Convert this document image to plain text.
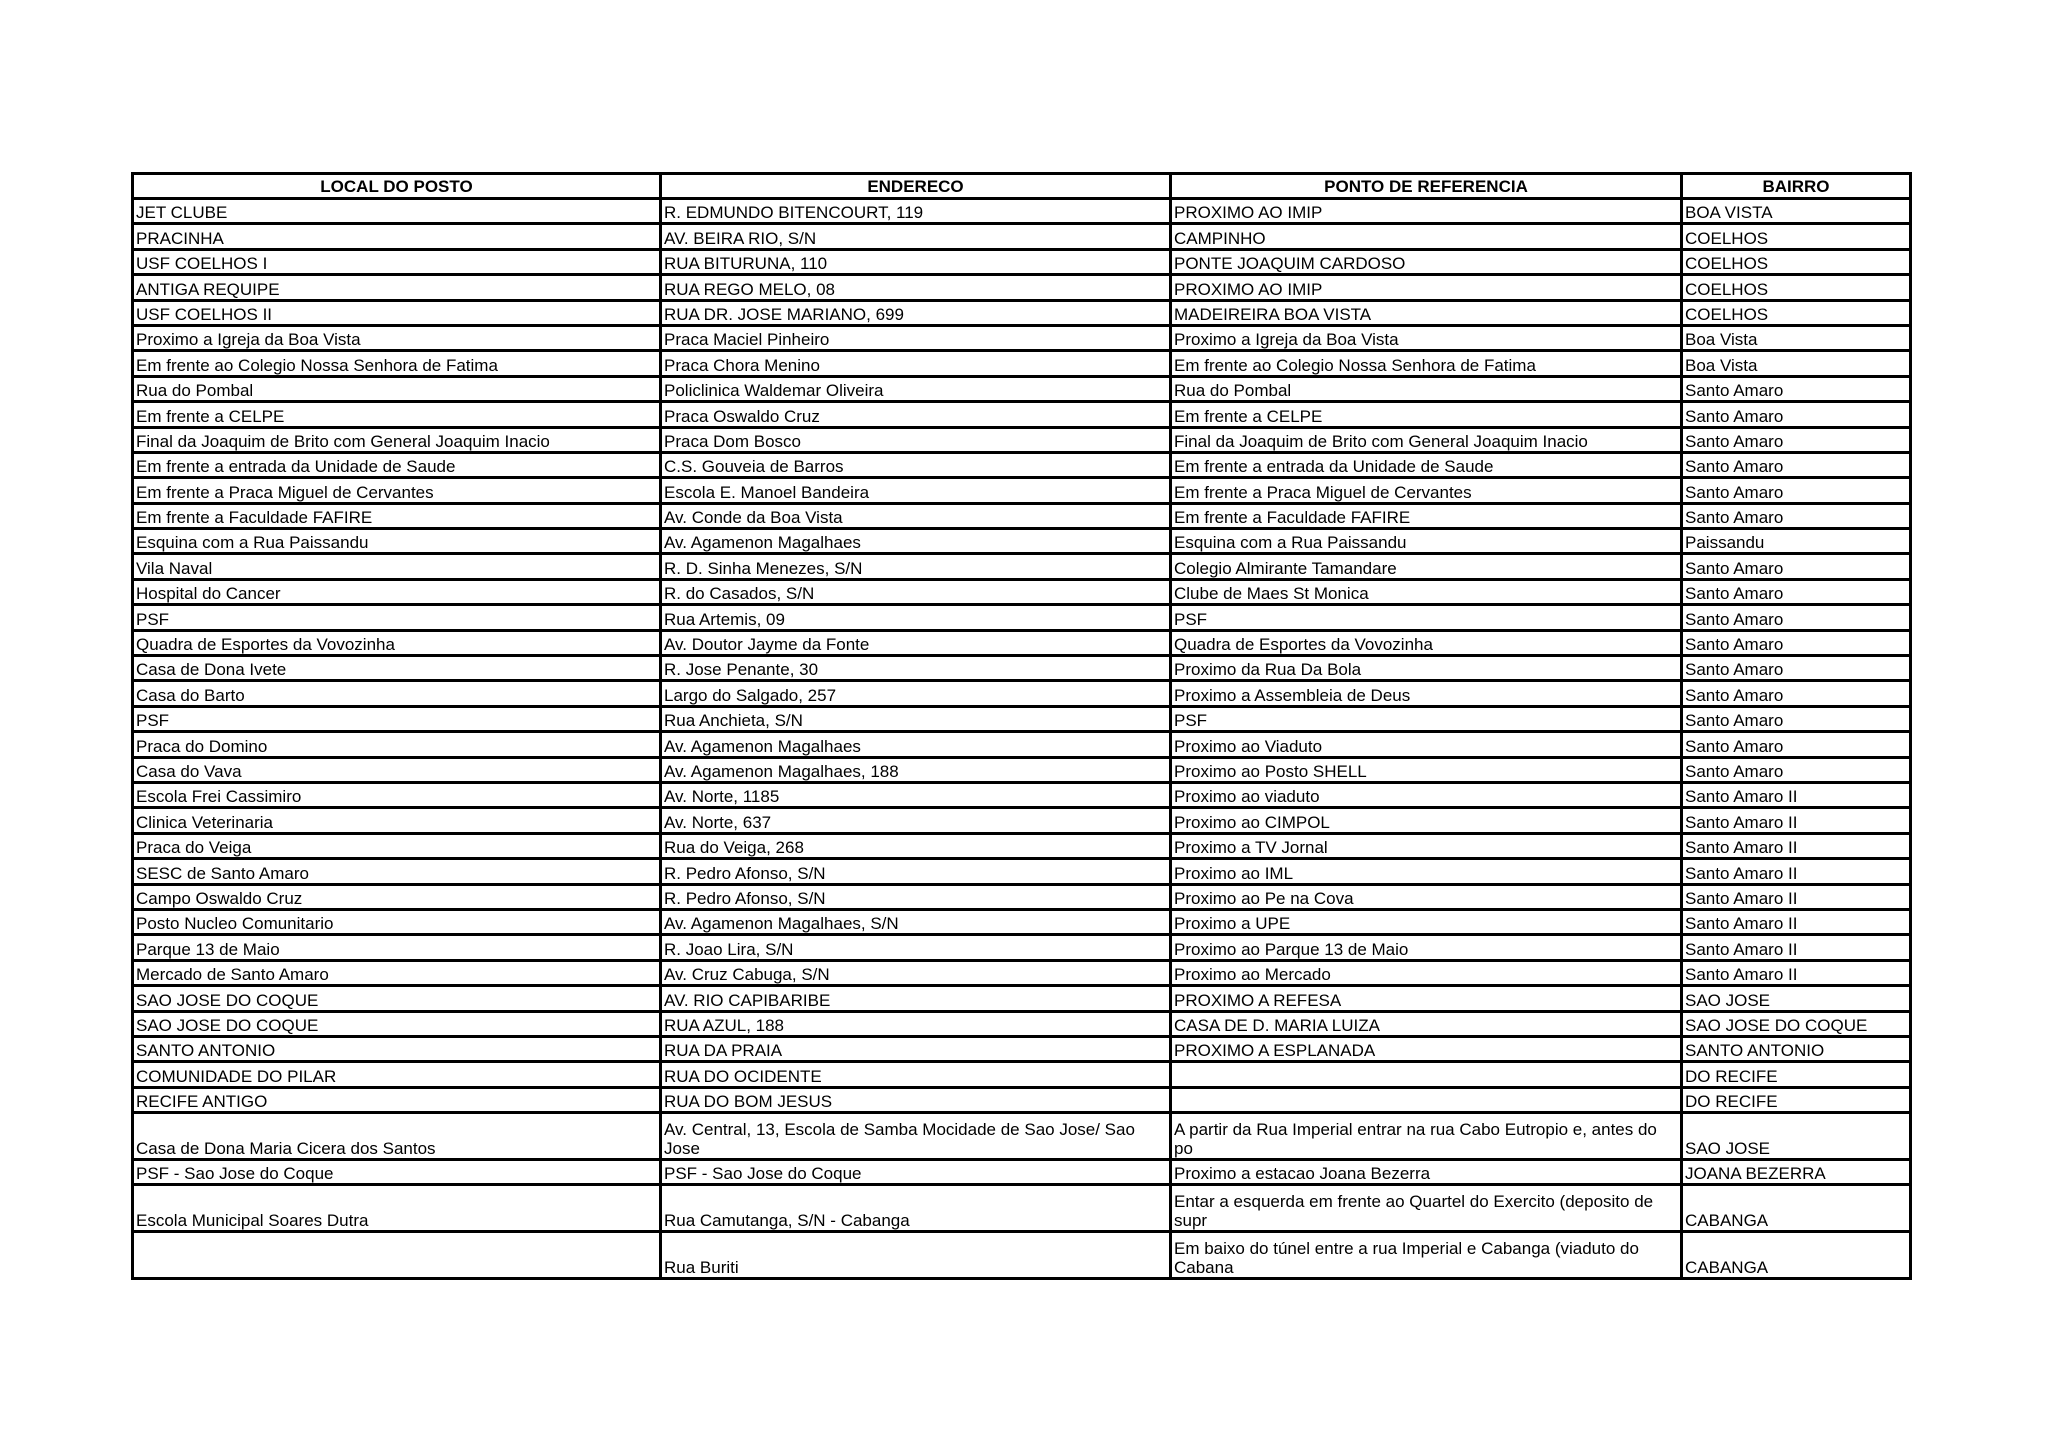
LOCAL DO POSTO	ENDERECO	PONTO DE REFERENCIA	BAIRRO
JET CLUBE	R. EDMUNDO BITENCOURT, 119	PROXIMO AO IMIP	BOA VISTA
PRACINHA	AV. BEIRA RIO, S/N	CAMPINHO	COELHOS
USF COELHOS I	RUA BITURUNA, 110	PONTE JOAQUIM CARDOSO	COELHOS
ANTIGA REQUIPE	RUA REGO MELO, 08	PROXIMO AO IMIP	COELHOS
USF COELHOS II	RUA DR. JOSE MARIANO, 699	MADEIREIRA BOA VISTA	COELHOS
Proximo a Igreja da Boa Vista	Praca Maciel Pinheiro	Proximo a Igreja da Boa Vista	Boa Vista
Em frente ao Colegio Nossa Senhora de Fatima	Praca Chora Menino	Em frente ao Colegio Nossa Senhora de Fatima	Boa Vista
Rua do Pombal	Policlinica Waldemar Oliveira	Rua do Pombal	Santo Amaro
Em frente a CELPE	Praca Oswaldo Cruz	Em frente a CELPE	Santo Amaro
Final da Joaquim de Brito com General Joaquim Inacio	Praca Dom Bosco	Final da Joaquim de Brito com General Joaquim Inacio	Santo Amaro
Em frente a entrada da Unidade de Saude	C.S. Gouveia de Barros	Em frente a entrada da Unidade de Saude	Santo Amaro
Em frente a Praca Miguel de Cervantes	Escola E. Manoel Bandeira	Em frente a Praca Miguel de Cervantes	Santo Amaro
Em frente a Faculdade FAFIRE	Av. Conde da Boa Vista	Em frente a Faculdade FAFIRE	Santo Amaro
Esquina com a Rua Paissandu	Av. Agamenon Magalhaes	Esquina com a Rua Paissandu	Paissandu
Vila Naval	R. D. Sinha Menezes, S/N	Colegio Almirante Tamandare	Santo Amaro
Hospital do Cancer	R. do Casados, S/N	Clube de Maes St Monica	Santo Amaro
PSF	Rua Artemis, 09	PSF	Santo Amaro
Quadra de Esportes da Vovozinha	Av. Doutor Jayme da Fonte	Quadra de Esportes da Vovozinha	Santo Amaro
Casa de Dona Ivete	R. Jose Penante, 30	Proximo da Rua Da Bola	Santo Amaro
Casa do Barto	Largo do Salgado, 257	Proximo a Assembleia de Deus	Santo Amaro
PSF	Rua Anchieta, S/N	PSF	Santo Amaro
Praca do Domino	Av. Agamenon Magalhaes	Proximo ao Viaduto	Santo Amaro
Casa do Vava	Av. Agamenon Magalhaes, 188	Proximo ao Posto SHELL	Santo Amaro
Escola Frei Cassimiro	Av. Norte, 1185	Proximo ao viaduto	Santo Amaro II
Clinica Veterinaria	Av. Norte, 637	Proximo ao CIMPOL	Santo Amaro II
Praca do Veiga	Rua do Veiga, 268	Proximo a TV Jornal	Santo Amaro II
SESC de Santo Amaro	R. Pedro Afonso, S/N	Proximo ao IML	Santo Amaro II
Campo Oswaldo Cruz	R. Pedro Afonso, S/N	Proximo ao Pe na Cova	Santo Amaro II
Posto Nucleo Comunitario	Av. Agamenon Magalhaes, S/N	Proximo a UPE	Santo Amaro II
Parque 13 de Maio	R. Joao Lira, S/N	Proximo ao Parque 13 de Maio	Santo Amaro II
Mercado de Santo Amaro	Av. Cruz Cabuga, S/N	Proximo ao Mercado	Santo Amaro II
SAO JOSE DO COQUE	AV. RIO CAPIBARIBE	PROXIMO A REFESA	SAO JOSE
SAO JOSE DO COQUE	RUA AZUL, 188	CASA DE D. MARIA LUIZA	SAO JOSE DO COQUE
SANTO ANTONIO	RUA DA PRAIA	PROXIMO A ESPLANADA	SANTO ANTONIO
COMUNIDADE DO PILAR	RUA DO OCIDENTE		DO RECIFE
RECIFE ANTIGO	RUA DO BOM JESUS		DO RECIFE
Casa de Dona Maria Cicera dos Santos	Av. Central, 13, Escola de Samba Mocidade de Sao Jose/ Sao Jose	A partir da Rua Imperial entrar na rua Cabo Eutropio e, antes do po	SAO JOSE
PSF - Sao Jose do Coque	PSF - Sao Jose do Coque	Proximo a estacao Joana Bezerra	JOANA BEZERRA
Escola Municipal Soares Dutra	Rua Camutanga, S/N - Cabanga	Entar a esquerda em frente ao Quartel do Exercito (deposito de supr	CABANGA
	Rua Buriti	Em baixo do túnel entre a rua Imperial e Cabanga (viaduto do Cabana	CABANGA
